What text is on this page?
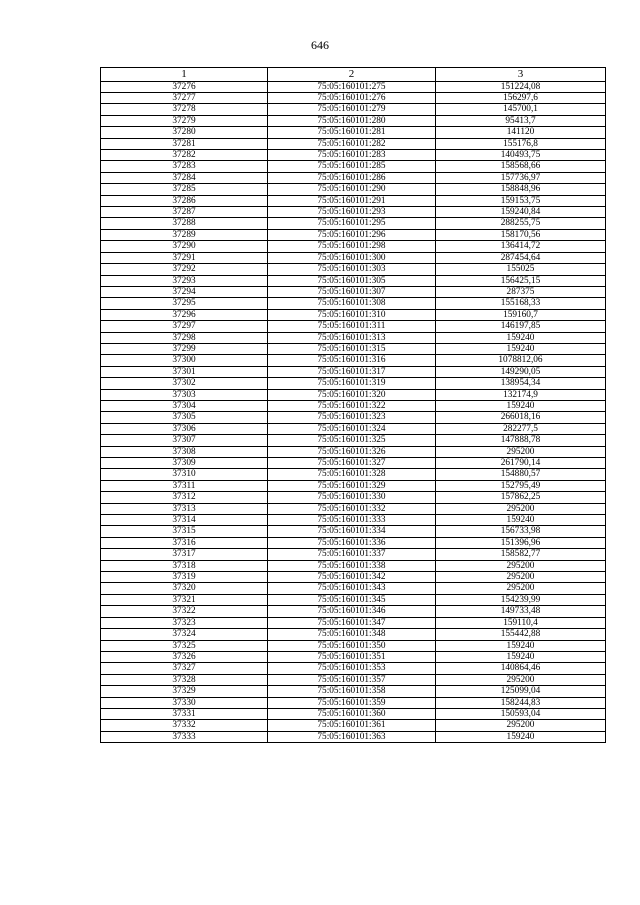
646
1	2	3
37276	75:05:160101:275	151224,08
37277	75:05:160101:276	156297,6
37278	75:05:160101:279	145700,1
37279	75:05:160101:280	95413,7
37280	75:05:160101:281	141120
37281	75:05:160101:282	155176,8
37282	75:05:160101:283	140493,75
37283	75:05:160101:285	158568,66
37284	75:05:160101:286	157736,97
37285	75:05:160101:290	158848,96
37286	75:05:160101:291	159153,75
37287	75:05:160101:293	159240,84
37288	75:05:160101:295	288255,75
37289	75:05:160101:296	158170,56
37290	75:05:160101:298	136414,72
37291	75:05:160101:300	287454,64
37292	75:05:160101:303	155025
37293	75:05:160101:305	156425,15
37294	75:05:160101:307	287375
37295	75:05:160101:308	155168,33
37296	75:05:160101:310	159160,7
37297	75:05:160101:311	146197,85
37298	75:05:160101:313	159240
37299	75:05:160101:315	159240
37300	75:05:160101:316	1078812,06
37301	75:05:160101:317	149290,05
37302	75:05:160101:319	138954,34
37303	75:05:160101:320	132174,9
37304	75:05:160101:322	159240
37305	75:05:160101:323	266018,16
37306	75:05:160101:324	282277,5
37307	75:05:160101:325	147888,78
37308	75:05:160101:326	295200
37309	75:05:160101:327	261790,14
37310	75:05:160101:328	154880,57
37311	75:05:160101:329	152795,49
37312	75:05:160101:330	157862,25
37313	75:05:160101:332	295200
37314	75:05:160101:333	159240
37315	75:05:160101:334	156733,98
37316	75:05:160101:336	151396,96
37317	75:05:160101:337	158582,77
37318	75:05:160101:338	295200
37319	75:05:160101:342	295200
37320	75:05:160101:343	295200
37321	75:05:160101:345	154239,99
37322	75:05:160101:346	149733,48
37323	75:05:160101:347	159110,4
37324	75:05:160101:348	155442,88
37325	75:05:160101:350	159240
37326	75:05:160101:351	159240
37327	75:05:160101:353	140864,46
37328	75:05:160101:357	295200
37329	75:05:160101:358	125099,04
37330	75:05:160101:359	158244,83
37331	75:05:160101:360	150593,04
37332	75:05:160101:361	295200
37333	75:05:160101:363	159240
